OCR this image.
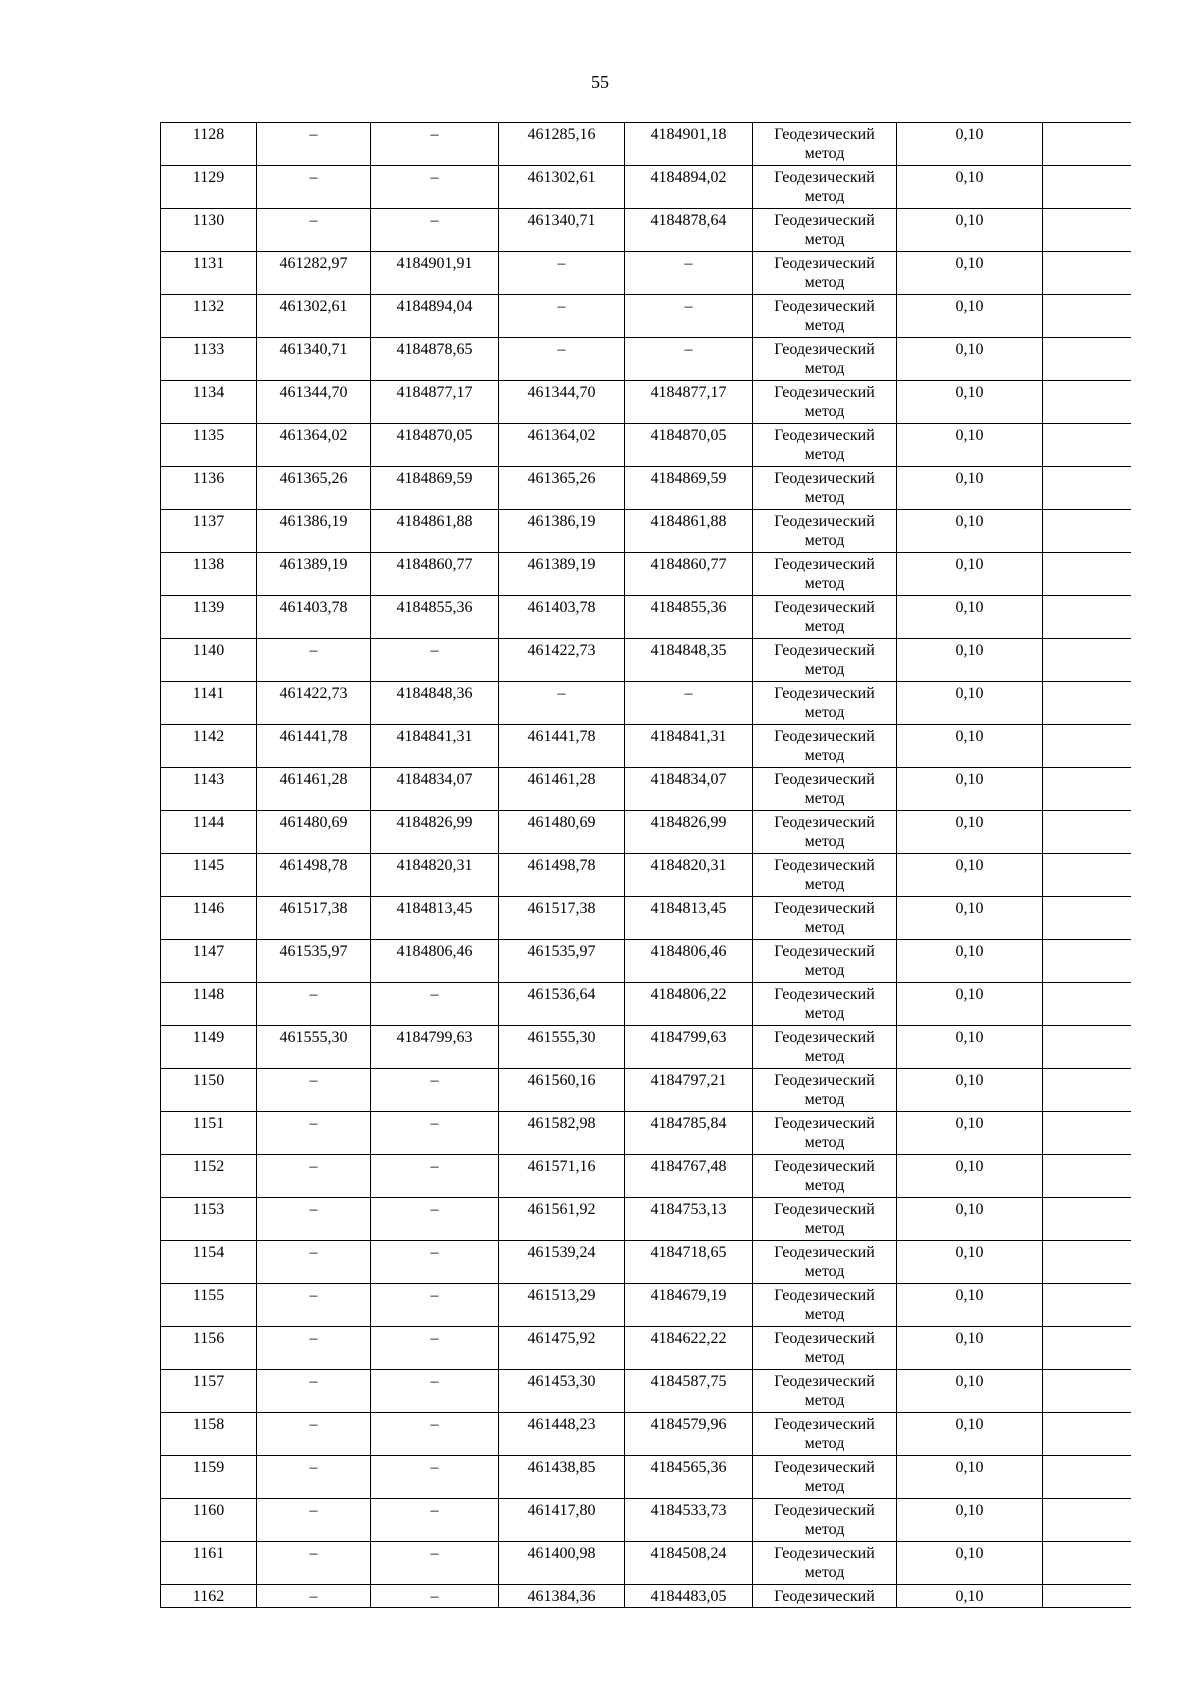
55
1128	–	–	461285,16	4184901,18	Геодезический
метод	0,10	

1129	–	–	461302,61	4184894,02	Геодезический
метод	0,10	

1130	–	–	461340,71	4184878,64	Геодезический
метод	0,10	

1131	461282,97	4184901,91	–	–	Геодезический
метод	0,10	

1132	461302,61	4184894,04	–	–	Геодезический
метод	0,10	

1133	461340,71	4184878,65	–	–	Геодезический
метод	0,10	

1134	461344,70	4184877,17	461344,70	4184877,17	Геодезический
метод	0,10	

1135	461364,02	4184870,05	461364,02	4184870,05	Геодезический
метод	0,10	

1136	461365,26	4184869,59	461365,26	4184869,59	Геодезический
метод	0,10	

1137	461386,19	4184861,88	461386,19	4184861,88	Геодезический
метод	0,10	

1138	461389,19	4184860,77	461389,19	4184860,77	Геодезический
метод	0,10	

1139	461403,78	4184855,36	461403,78	4184855,36	Геодезический
метод	0,10	

1140	–	–	461422,73	4184848,35	Геодезический
метод	0,10	

1141	461422,73	4184848,36	–	–	Геодезический
метод	0,10	

1142	461441,78	4184841,31	461441,78	4184841,31	Геодезический
метод	0,10	

1143	461461,28	4184834,07	461461,28	4184834,07	Геодезический
метод	0,10	

1144	461480,69	4184826,99	461480,69	4184826,99	Геодезический
метод	0,10	

1145	461498,78	4184820,31	461498,78	4184820,31	Геодезический
метод	0,10	

1146	461517,38	4184813,45	461517,38	4184813,45	Геодезический
метод	0,10	

1147	461535,97	4184806,46	461535,97	4184806,46	Геодезический
метод	0,10	

1148	–	–	461536,64	4184806,22	Геодезический
метод	0,10	

1149	461555,30	4184799,63	461555,30	4184799,63	Геодезический
метод	0,10	

1150	–	–	461560,16	4184797,21	Геодезический
метод	0,10	

1151	–	–	461582,98	4184785,84	Геодезический
метод	0,10	

1152	–	–	461571,16	4184767,48	Геодезический
метод	0,10	

1153	–	–	461561,92	4184753,13	Геодезический
метод	0,10	

1154	–	–	461539,24	4184718,65	Геодезический
метод	0,10	

1155	–	–	461513,29	4184679,19	Геодезический
метод	0,10	

1156	–	–	461475,92	4184622,22	Геодезический
метод	0,10	

1157	–	–	461453,30	4184587,75	Геодезический
метод	0,10	

1158	–	–	461448,23	4184579,96	Геодезический
метод	0,10	

1159	–	–	461438,85	4184565,36	Геодезический
метод	0,10	

1160	–	–	461417,80	4184533,73	Геодезический
метод	0,10	

1161	–	–	461400,98	4184508,24	Геодезический
метод	0,10	

1162	–	–	461384,36	4184483,05	Геодезический	0,10	
